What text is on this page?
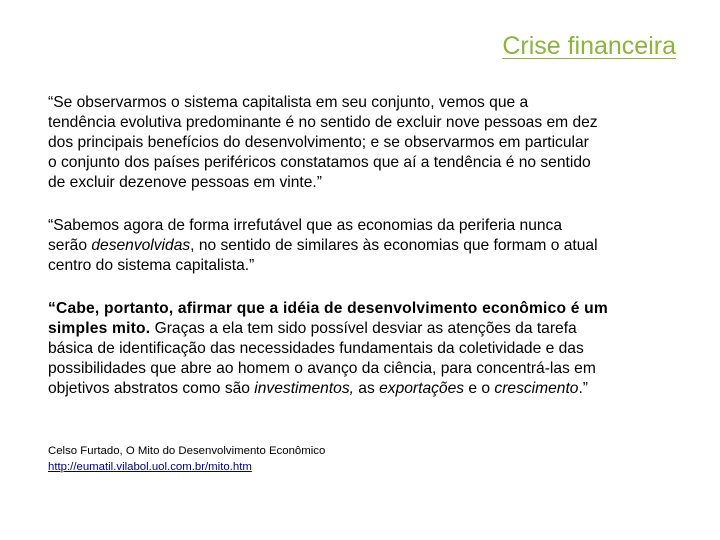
Crise financeira

“Se observarmos o sistema capitalista em seu conjunto, vemos que a
tendência evolutiva predominante é no sentido de excluir nove pessoas em dez
dos principais benefícios do desenvolvimento; e se observarmos em particular
o conjunto dos países periféricos constatamos que aí a tendência é no sentido
de excluir dezenove pessoas em vinte.”

“Sabemos agora de forma irrefutável que as economias da periferia nunca
serão desenvolvidas, no sentido de similares às economias que formam o atual
centro do sistema capitalista.”

“Cabe, portanto, afirmar que a idéia de desenvolvimento econômico é um
simples mito. Graças a ela tem sido possível desviar as atenções da tarefa
básica de identificação das necessidades fundamentais da coletividade e das
possibilidades que abre ao homem o avanço da ciência, para concentrá-las em
objetivos abstratos como são investimentos, as exportações e o crescimento.”

Celso Furtado, O Mito do Desenvolvimento Econômico
http://eumatil.vilabol.uol.com.br/mito.htm
